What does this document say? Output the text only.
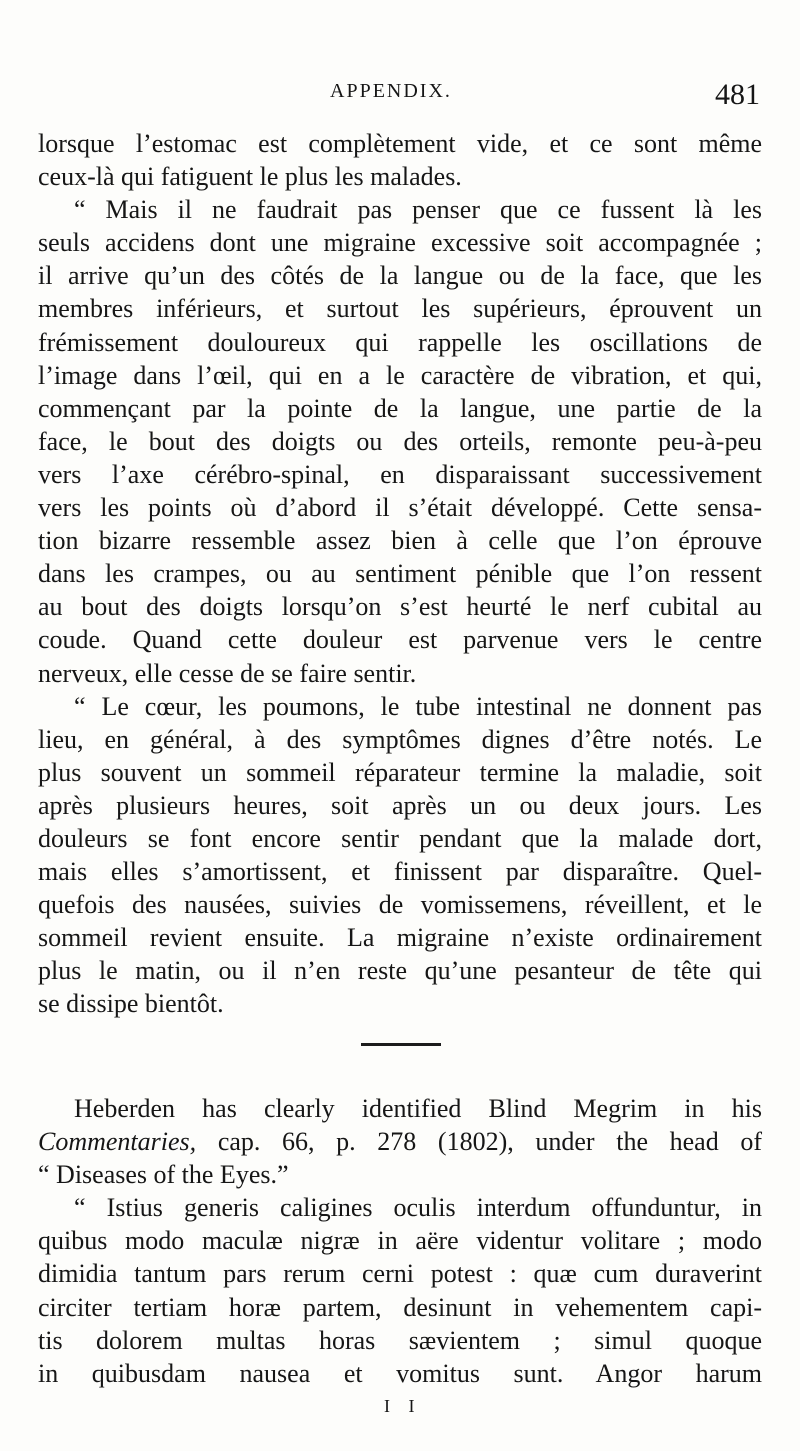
APPENDIX.	481
lorsque l’estomac est complètement vide, et ce sont même
ceux-là qui fatiguent le plus les malades.
“ Mais il ne faudrait pas penser que ce fussent là les
seuls accidens dont une migraine excessive soit accompagnée ;
il arrive qu’un des côtés de la langue ou de la face, que les
membres inférieurs, et surtout les supérieurs, éprouvent un
frémissement douloureux qui rappelle les oscillations de
l’image dans l’œil, qui en a le caractère de vibration, et qui,
commençant par la pointe de la langue, une partie de la
face, le bout des doigts ou des orteils, remonte peu-à-peu
vers l’axe cérébro-spinal, en disparaissant successivement
vers les points où d’abord il s’était développé. Cette sensa-
tion bizarre ressemble assez bien à celle que l’on éprouve
dans les crampes, ou au sentiment pénible que l’on ressent
au bout des doigts lorsqu’on s’est heurté le nerf cubital au
coude. Quand cette douleur est parvenue vers le centre
nerveux, elle cesse de se faire sentir.
“ Le cœur, les poumons, le tube intestinal ne donnent pas
lieu, en général, à des symptômes dignes d’être notés. Le
plus souvent un sommeil réparateur termine la maladie, soit
après plusieurs heures, soit après un ou deux jours. Les
douleurs se font encore sentir pendant que la malade dort,
mais elles s’amortissent, et finissent par disparaître. Quel-
quefois des nausées, suivies de vomissemens, réveillent, et le
sommeil revient ensuite. La migraine n’existe ordinairement
plus le matin, ou il n’en reste qu’une pesanteur de tête qui
se dissipe bientôt.
Heberden has clearly identified Blind Megrim in his
Commentaries, cap. 66, p. 278 (1802), under the head of
“ Diseases of the Eyes.”
“ Istius generis caligines oculis interdum offunduntur, in
quibus modo maculæ nigræ in aëre videntur volitare ; modo
dimidia tantum pars rerum cerni potest : quæ cum duraverint
circiter tertiam horæ partem, desinunt in vehementem capi-
tis dolorem multas horas sævientem ; simul quoque
in quibusdam nausea et vomitus sunt. Angor harum
I I
